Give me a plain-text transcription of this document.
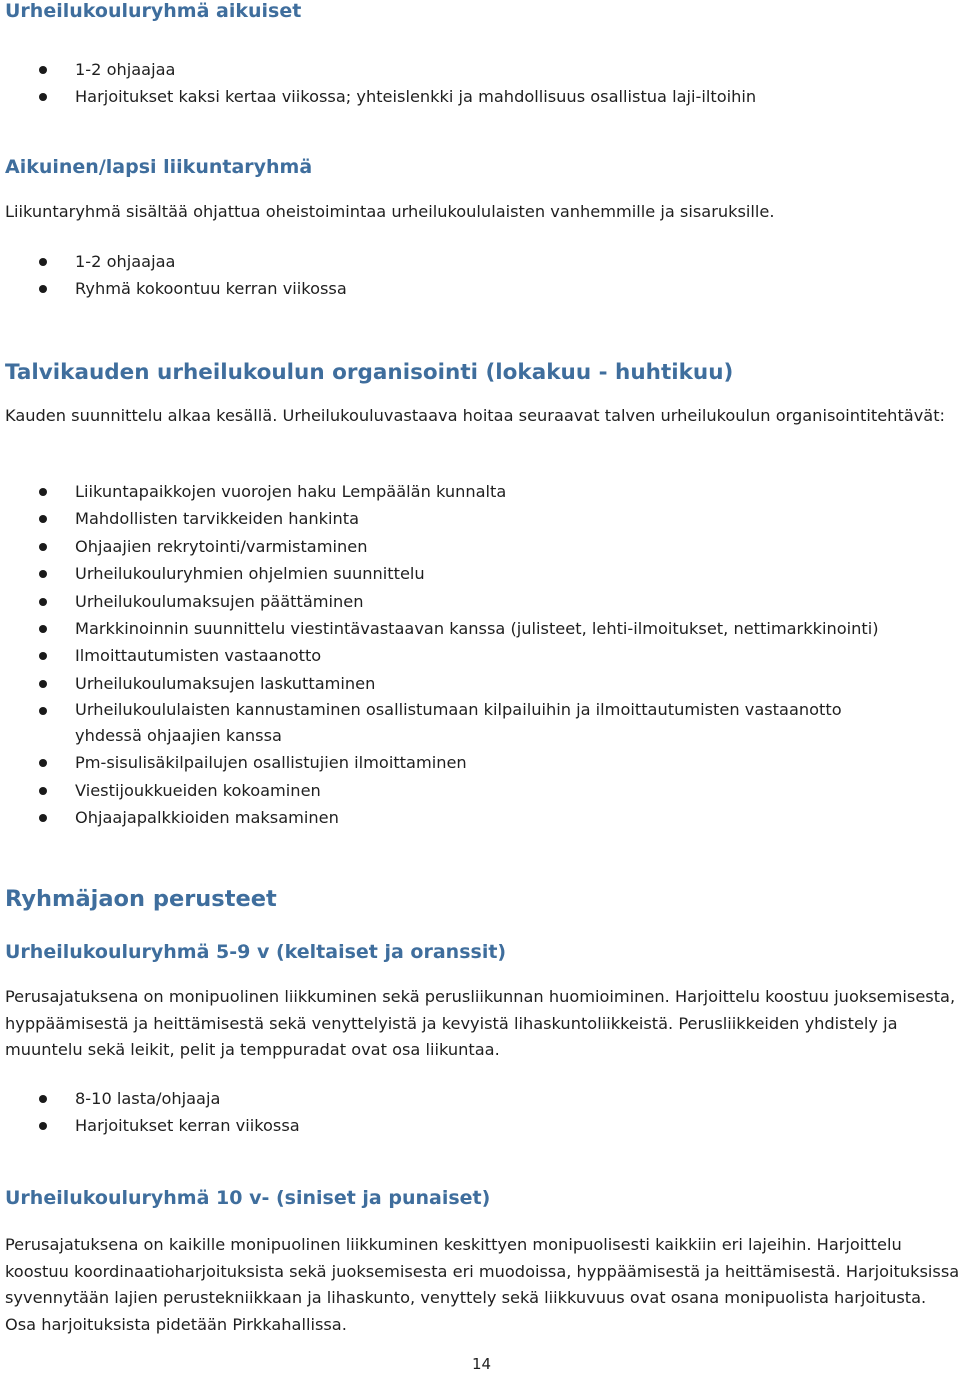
Urheilukouluryhmä aikuiset
1-2 ohjaajaa
Harjoitukset kaksi kertaa viikossa; yhteislenkki ja mahdollisuus osallistua laji-iltoihin
Aikuinen/lapsi liikuntaryhmä
Liikuntaryhmä sisältää ohjattua oheistoimintaa urheilukoululaisten vanhemmille ja sisaruksille.
1-2 ohjaajaa
Ryhmä kokoontuu kerran viikossa
Talvikauden urheilukoulun organisointi (lokakuu - huhtikuu)
Kauden suunnittelu alkaa kesällä. Urheilukouluvastaava hoitaa seuraavat talven urheilukoulun organisointitehtävät:
Liikuntapaikkojen vuorojen haku Lempäälän kunnalta
Mahdollisten tarvikkeiden hankinta
Ohjaajien rekrytointi/varmistaminen
Urheilukouluryhmien ohjelmien suunnittelu
Urheilukoulumaksujen päättäminen
Markkinoinnin suunnittelu viestintävastaavan kanssa (julisteet, lehti-ilmoitukset, nettimarkkinointi)
Ilmoittautumisten vastaanotto
Urheilukoulumaksujen laskuttaminen
Urheilukoululaisten kannustaminen osallistumaan kilpailuihin ja ilmoittautumisten vastaanotto yhdessä ohjaajien kanssa
Pm-sisulisäkilpailujen osallistujien ilmoittaminen
Viestijoukkueiden kokoaminen
Ohjaajapalkkioiden maksaminen
Ryhmäjaon perusteet
Urheilukouluryhmä 5-9 v (keltaiset ja oranssit)
Perusajatuksena on monipuolinen liikkuminen sekä perusliikunnan huomioiminen. Harjoittelu koostuu juoksemisesta, hyppäämisestä ja heittämisestä sekä venyttelyistä ja kevyistä lihaskuntoliikkeistä. Perusliikkeiden yhdistely ja muuntelu sekä leikit, pelit ja temppuradat ovat osa liikuntaa.
8-10 lasta/ohjaaja
Harjoitukset kerran viikossa
Urheilukouluryhmä 10 v- (siniset ja punaiset)
Perusajatuksena on kaikille monipuolinen liikkuminen keskittyen monipuolisesti kaikkiin eri lajeihin. Harjoittelu koostuu koordinaatioharjoituksista sekä juoksemisesta eri muodoissa, hyppäämisestä ja heittämisestä. Harjoituksissa syvennytään lajien perustekniikkaan ja lihaskunto, venyttely sekä liikkuvuus ovat osana monipuolista harjoitusta. Osa harjoituksista pidetään Pirkkahallissa.
14
